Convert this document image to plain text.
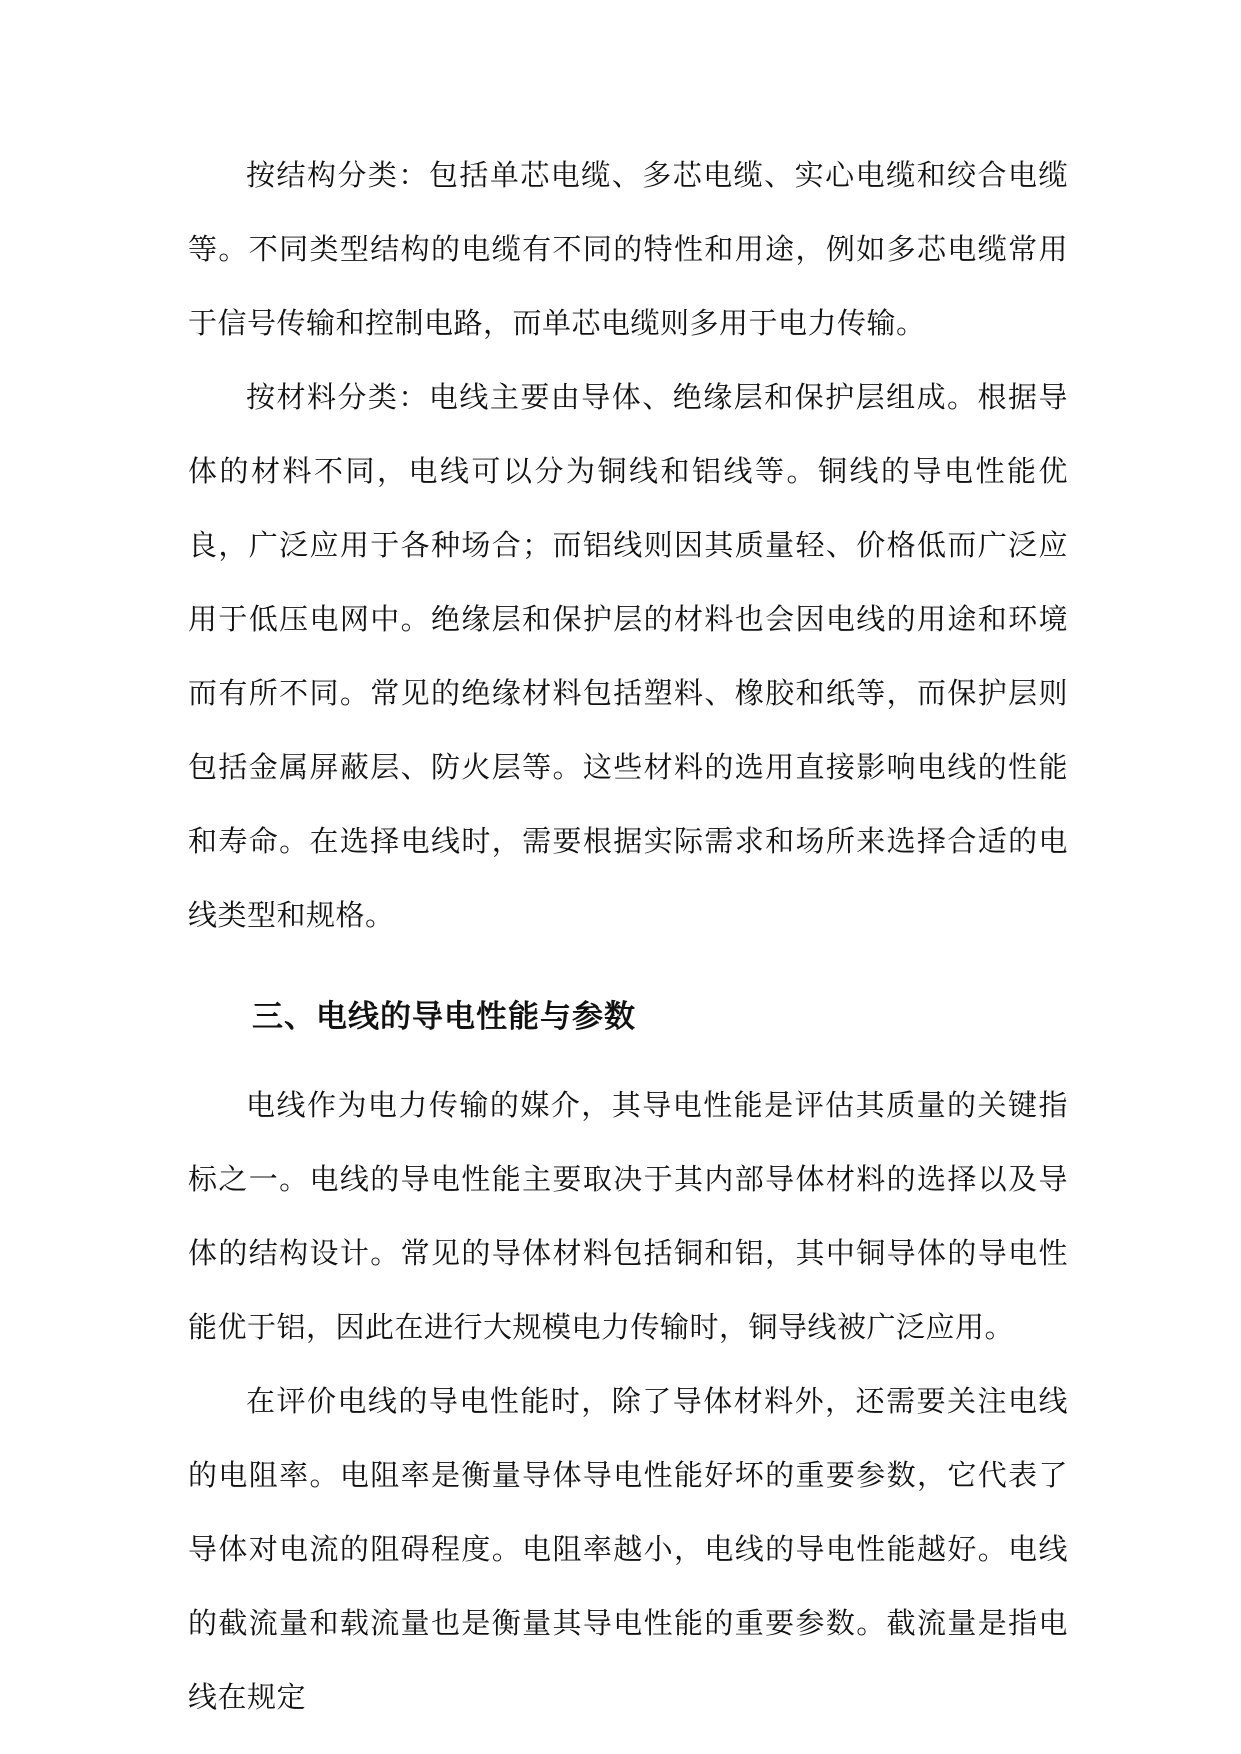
按结构分类：包括单芯电缆、多芯电缆、实心电缆和绞合电缆等。不同类型结构的电缆有不同的特性和用途，例如多芯电缆常用于信号传输和控制电路，而单芯电缆则多用于电力传输。

按材料分类：电线主要由导体、绝缘层和保护层组成。根据导体的材料不同，电线可以分为铜线和铝线等。铜线的导电性能优良，广泛应用于各种场合；而铝线则因其质量轻、价格低而广泛应用于低压电网中。绝缘层和保护层的材料也会因电线的用途和环境而有所不同。常见的绝缘材料包括塑料、橡胶和纸等，而保护层则包括金属屏蔽层、防火层等。这些材料的选用直接影响电线的性能和寿命。在选择电线时，需要根据实际需求和场所来选择合适的电线类型和规格。

三、电线的导电性能与参数

电线作为电力传输的媒介，其导电性能是评估其质量的关键指标之一。电线的导电性能主要取决于其内部导体材料的选择以及导体的结构设计。常见的导体材料包括铜和铝，其中铜导体的导电性能优于铝，因此在进行大规模电力传输时，铜导线被广泛应用。

在评价电线的导电性能时，除了导体材料外，还需要关注电线的电阻率。电阻率是衡量导体导电性能好坏的重要参数，它代表了导体对电流的阻碍程度。电阻率越小，电线的导电性能越好。电线的截流量和载流量也是衡量其导电性能的重要参数。截流量是指电线在规定
